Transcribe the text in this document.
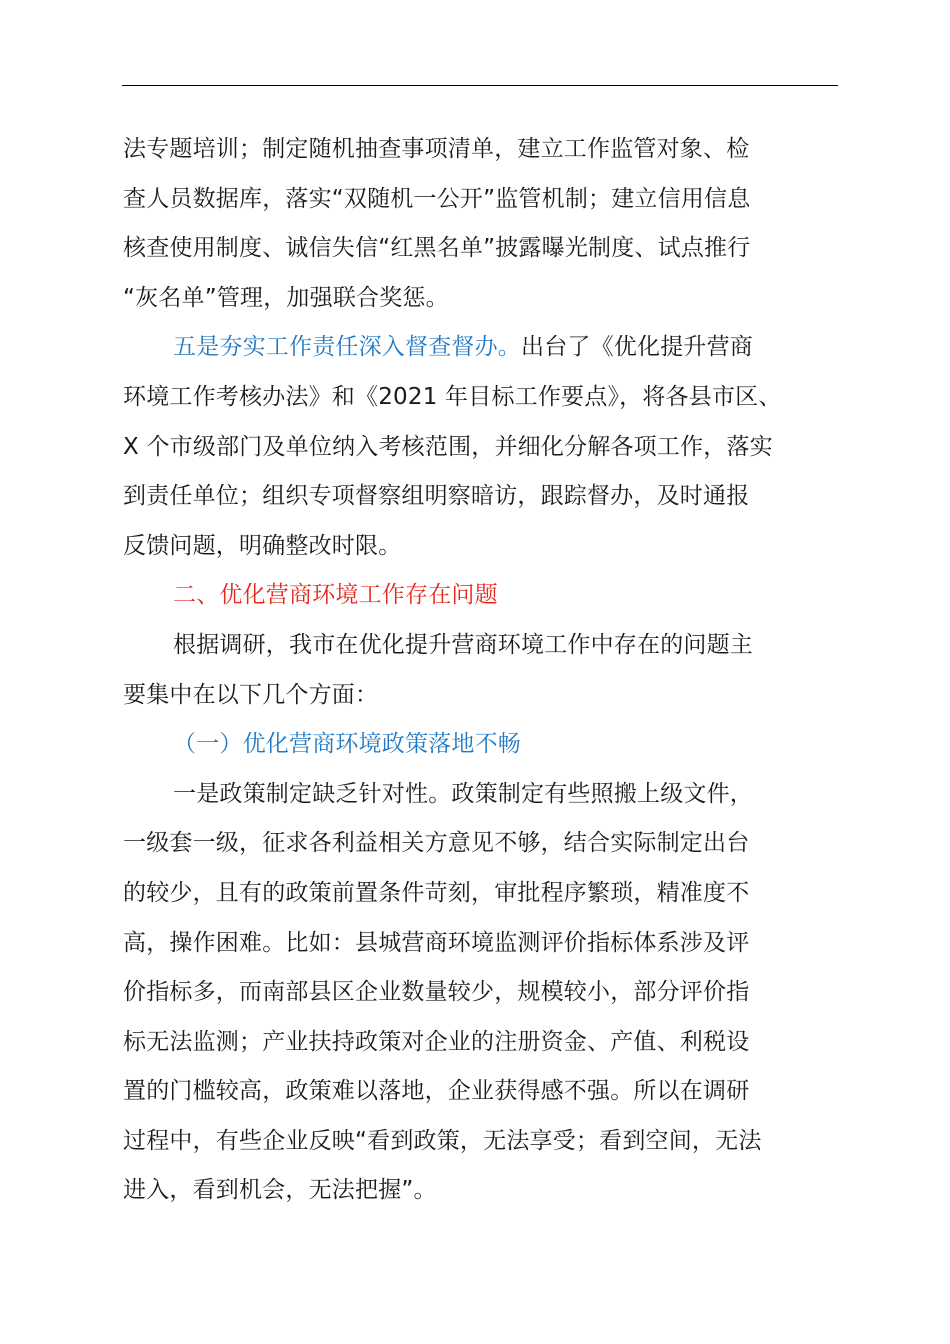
法专题培训；制定随机抽查事项清单，建立工作监管对象、检
查人员数据库，落实“双随机一公开”监管机制；建立信用信息
核查使用制度、诚信失信“红黑名单”披露曝光制度、试点推行
“灰名单”管理，加强联合奖惩。
五是夯实工作责任深入督查督办。出台了《优化提升营商
环境工作考核办法》和《2021 年目标工作要点》，将各县市区、
X 个市级部门及单位纳入考核范围，并细化分解各项工作，落实
到责任单位；组织专项督察组明察暗访，跟踪督办，及时通报
反馈问题，明确整改时限。
二、优化营商环境工作存在问题
根据调研，我市在优化提升营商环境工作中存在的问题主
要集中在以下几个方面：
（一）优化营商环境政策落地不畅
一是政策制定缺乏针对性。政策制定有些照搬上级文件，
一级套一级，征求各利益相关方意见不够，结合实际制定出台
的较少，且有的政策前置条件苛刻，审批程序繁琐，精准度不
高，操作困难。比如：县城营商环境监测评价指标体系涉及评
价指标多，而南部县区企业数量较少，规模较小，部分评价指
标无法监测；产业扶持政策对企业的注册资金、产值、利税设
置的门槛较高，政策难以落地，企业获得感不强。所以在调研
过程中，有些企业反映“看到政策，无法享受；看到空间，无法
进入，看到机会，无法把握”。
